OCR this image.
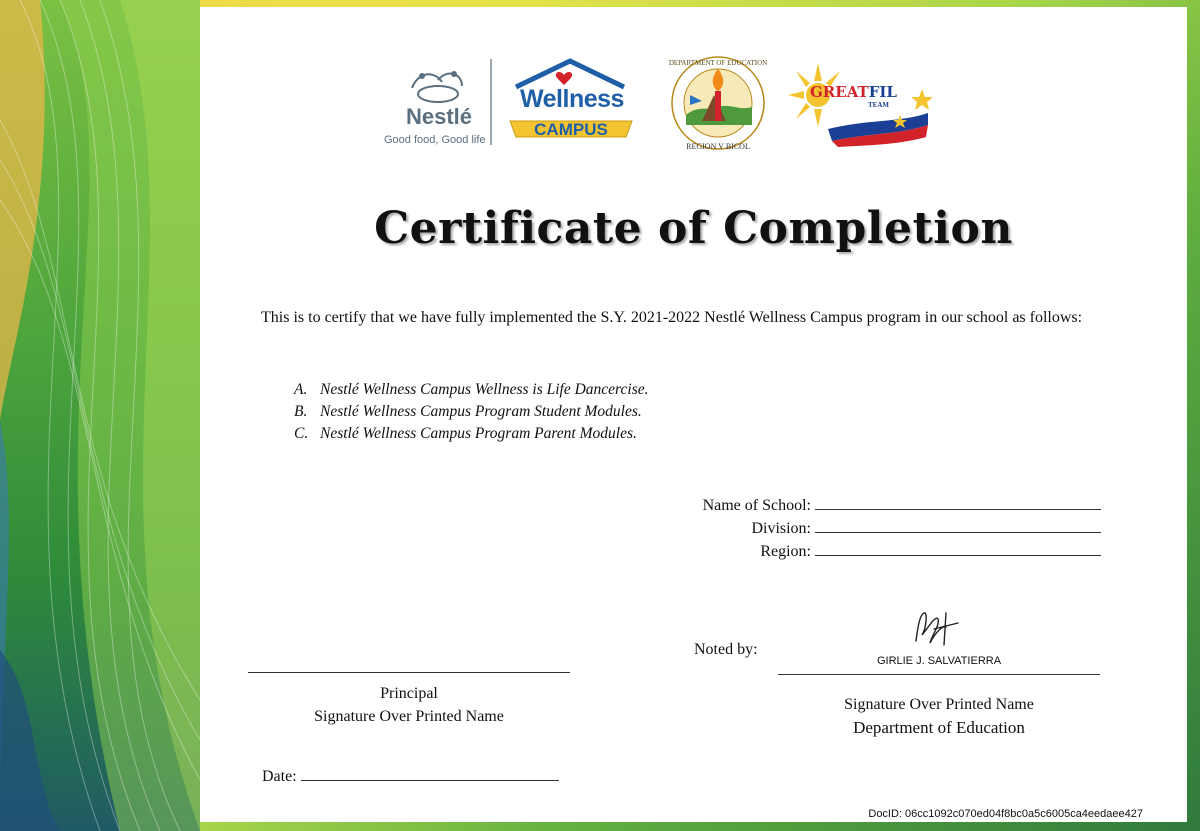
Nestlé
Good food, Good life
Wellness
CAMPUS
DEPARTMENT OF EDUCATION
REGION V BICOL
GREATFIL
TEAM
Certificate of Completion
This is to certify that we have fully implemented the S.Y. 2021-2022 Nestlé Wellness Campus program in our school as follows:
A. Nestlé Wellness Campus Wellness is Life Dancercise.
B. Nestlé Wellness Campus Program Student Modules.
C. Nestlé Wellness Campus Program Parent Modules.
Name of School:
Division:
Region:
Noted by:
Principal
Signature Over Printed Name
GIRLIE J. SALVATIERRA
Signature Over Printed Name
Department of Education
Date:
DocID: 06cc1092c070ed04f8bc0a5c6005ca4eedaee427
